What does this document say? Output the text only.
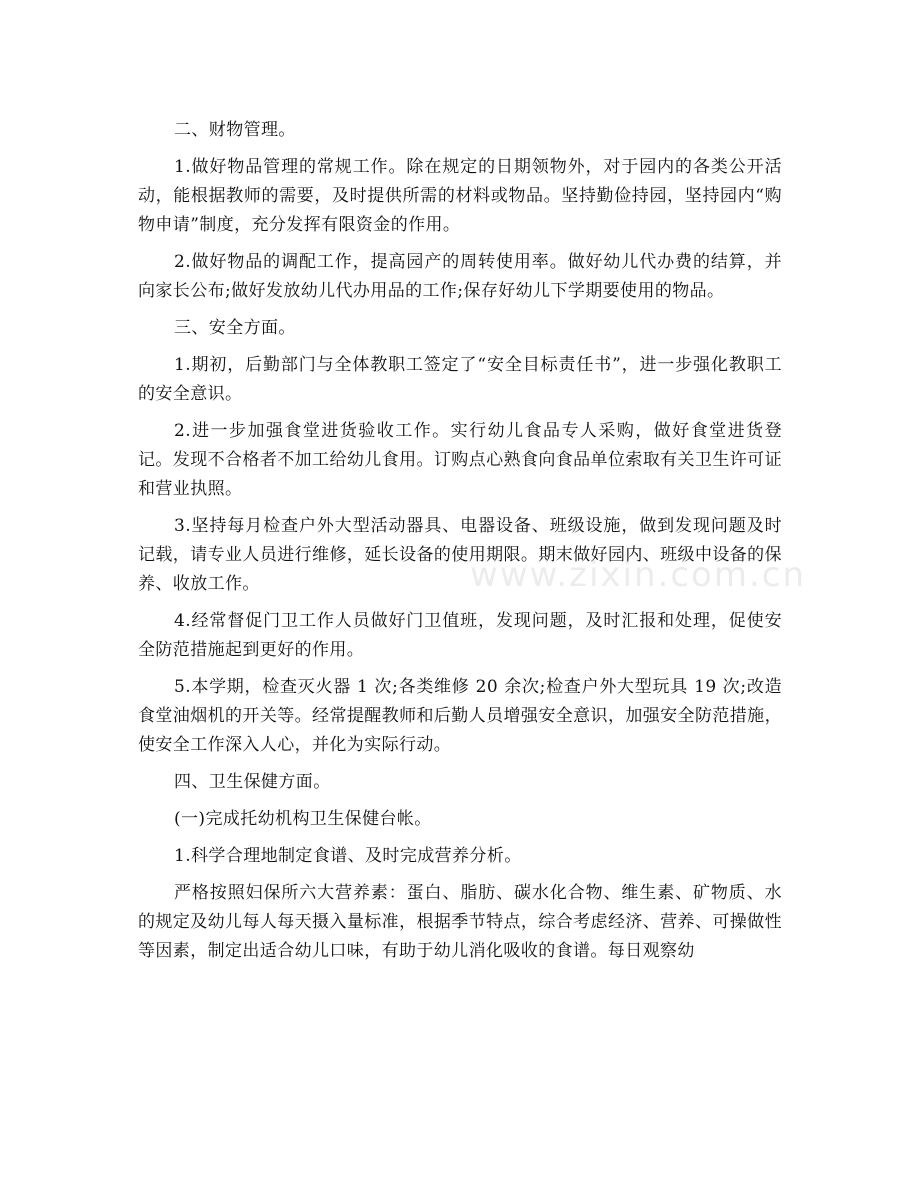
二、财物管理。

1.做好物品管理的常规工作。除在规定的日期领物外，对于园内的各类公开活动，能根据教师的需要，及时提供所需的材料或物品。坚持勤俭持园，坚持园内“购物申请”制度，充分发挥有限资金的作用。

2.做好物品的调配工作，提高园产的周转使用率。做好幼儿代办费的结算，并向家长公布;做好发放幼儿代办用品的工作;保存好幼儿下学期要使用的物品。

三、安全方面。

1.期初，后勤部门与全体教职工签定了“安全目标责任书”，进一步强化教职工的安全意识。

2.进一步加强食堂进货验收工作。实行幼儿食品专人采购，做好食堂进货登记。发现不合格者不加工给幼儿食用。订购点心熟食向食品单位索取有关卫生许可证和营业执照。

3.坚持每月检查户外大型活动器具、电器设备、班级设施，做到发现问题及时记载，请专业人员进行维修，延长设备的使用期限。期末做好园内、班级中设备的保养、收放工作。

4.经常督促门卫工作人员做好门卫值班，发现问题，及时汇报和处理，促使安全防范措施起到更好的作用。

5.本学期，检查灭火器 1 次;各类维修 20 余次;检查户外大型玩具 19 次;改造食堂油烟机的开关等。经常提醒教师和后勤人员增强安全意识，加强安全防范措施，使安全工作深入人心，并化为实际行动。

四、卫生保健方面。

(一)完成托幼机构卫生保健台帐。

1.科学合理地制定食谱、及时完成营养分析。

严格按照妇保所六大营养素：蛋白、脂肪、碳水化合物、维生素、矿物质、水的规定及幼儿每人每天摄入量标准，根据季节特点，综合考虑经济、营养、可操做性等因素，制定出适合幼儿口味，有助于幼儿消化吸收的食谱。每日观察幼

www.zixin.com.cn
